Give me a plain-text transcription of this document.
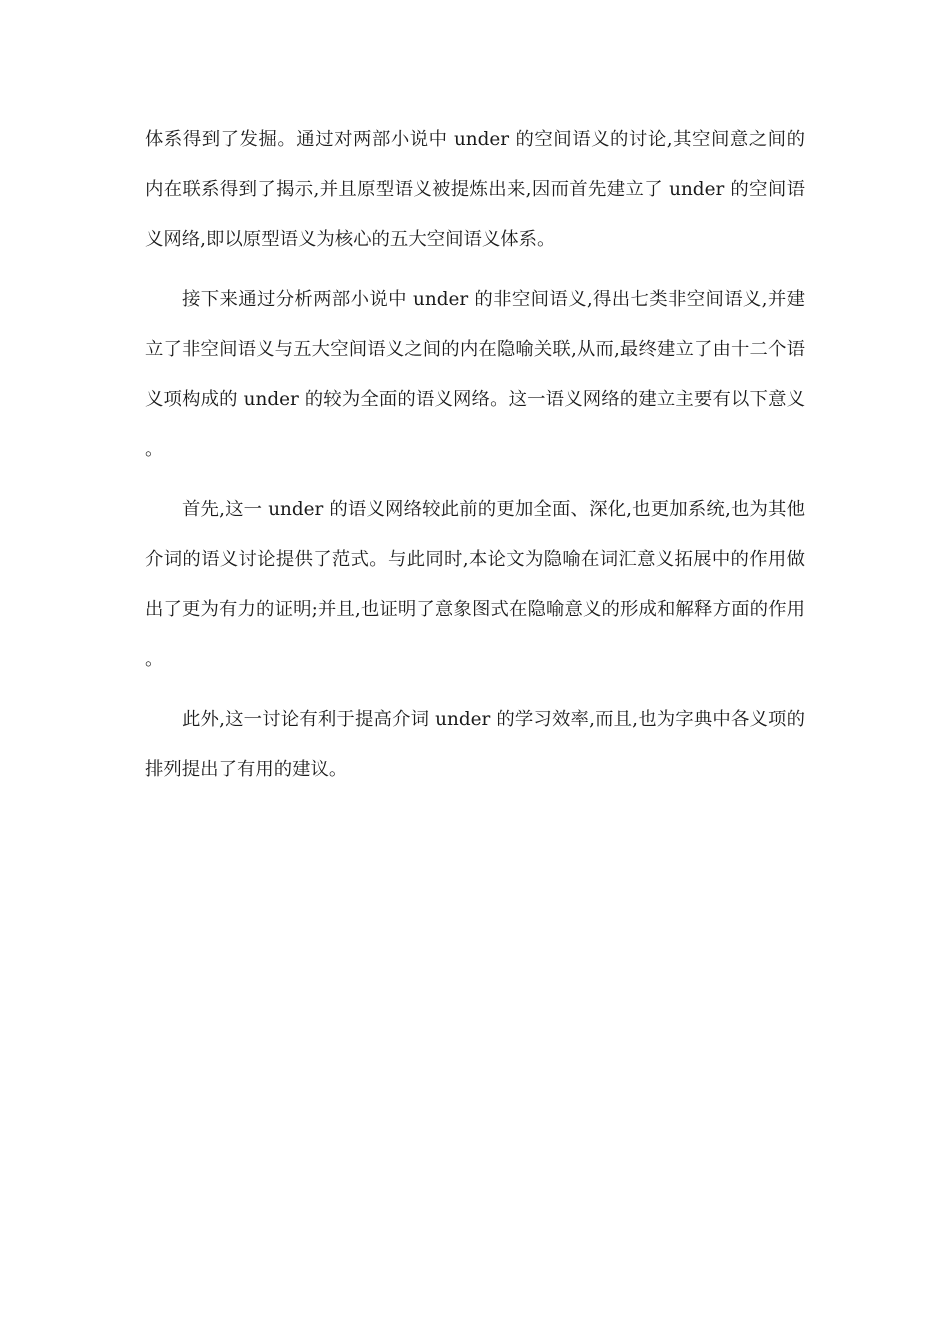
体系得到了发掘。通过对两部小说中 under 的空间语义的讨论,其空间意之间的内在联系得到了揭示,并且原型语义被提炼出来,因而首先建立了 under 的空间语义网络,即以原型语义为核心的五大空间语义体系。

接下来通过分析两部小说中 under 的非空间语义,得出七类非空间语义,并建立了非空间语义与五大空间语义之间的内在隐喻关联,从而,最终建立了由十二个语义项构成的 under 的较为全面的语义网络。这一语义网络的建立主要有以下意义。

首先,这一 under 的语义网络较此前的更加全面、深化,也更加系统,也为其他介词的语义讨论提供了范式。与此同时,本论文为隐喻在词汇意义拓展中的作用做出了更为有力的证明;并且,也证明了意象图式在隐喻意义的形成和解释方面的作用。

此外,这一讨论有利于提高介词 under 的学习效率,而且,也为字典中各义项的排列提出了有用的建议。
